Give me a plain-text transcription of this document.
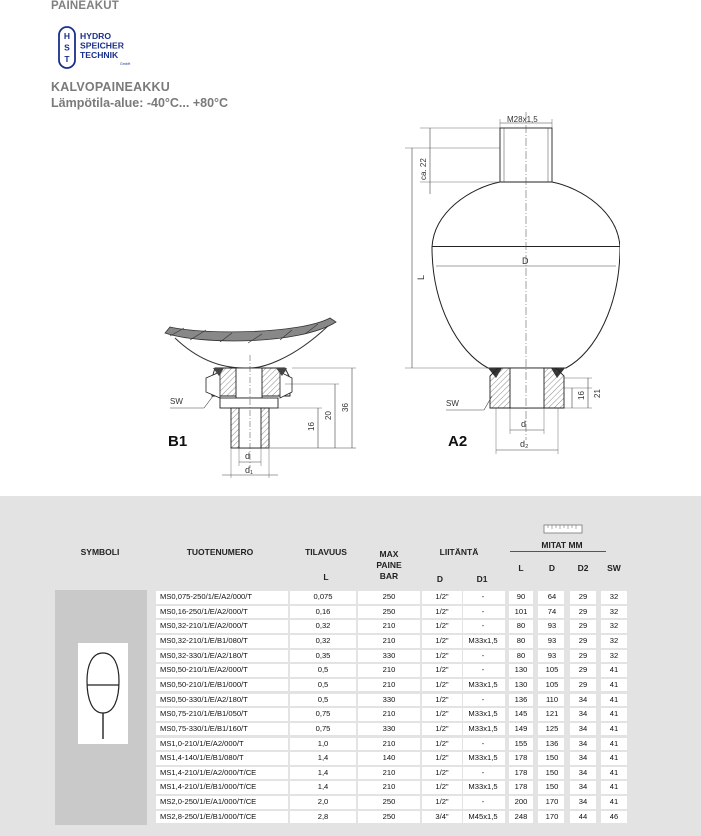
PAINEAKUT
H
S
T
HYDRO
SPEICHER
TECHNIK
GmbH
KALVOPAINEAKKU
Lämpötila-alue: -40°C... +80°C
16
20
36
SW
d
d₁
B1
M28x1,5
L
ca. 22
D
16 21
SW
d
d₂
A2
SYMBOLI	TUOTENUMERO	TILAVUUS
L
MAX
PAINE
BAR
LIITÄNTÄ
D	D1
MITAT MM
L	D	D2	SW
MS0,075-250/1/E/A2/000/T	0,075	250	1/2"	-	90	64	29	32
MS0,16-250/1/E/A2/000/T	0,16	250	1/2"	-	101	74	29	32
MS0,32-210/1/E/A2/000/T	0,32	210	1/2"	-	80	93	29	32
MS0,32-210/1/E/B1/080/T	0,32	210	1/2"	M33x1,5	80	93	29	32
MS0,32-330/1/E/A2/180/T	0,35	330	1/2"	-	80	93	29	32
MS0,50-210/1/E/A2/000/T	0,5	210	1/2"	-	130	105	29	41
MS0,50-210/1/E/B1/000/T	0,5	210	1/2"	M33x1,5	130	105	29	41
MS0,50-330/1/E/A2/180/T	0,5	330	1/2"	-	136	110	34	41
MS0,75-210/1/E/B1/050/T	0,75	210	1/2"	M33x1,5	145	121	34	41
MS0,75-330/1/E/B1/160/T	0,75	330	1/2"	M33x1,5	149	125	34	41
MS1,0-210/1/E/A2/000/T	1,0	210	1/2"	-	155	136	34	41
MS1,4-140/1/E/B1/080/T	1,4	140	1/2"	M33x1,5	178	150	34	41
MS1,4-210/1/E/A2/000/T/CE	1,4	210	1/2"	-	178	150	34	41
MS1,4-210/1/E/B1/000/T/CE	1,4	210	1/2"	M33x1,5	178	150	34	41
MS2,0-250/1/E/A1/000/T/CE	2,0	250	1/2"	-	200	170	34	41
MS2,8-250/1/E/B1/000/T/CE	2,8	250	3/4"	M45x1,5	248	170	44	46
